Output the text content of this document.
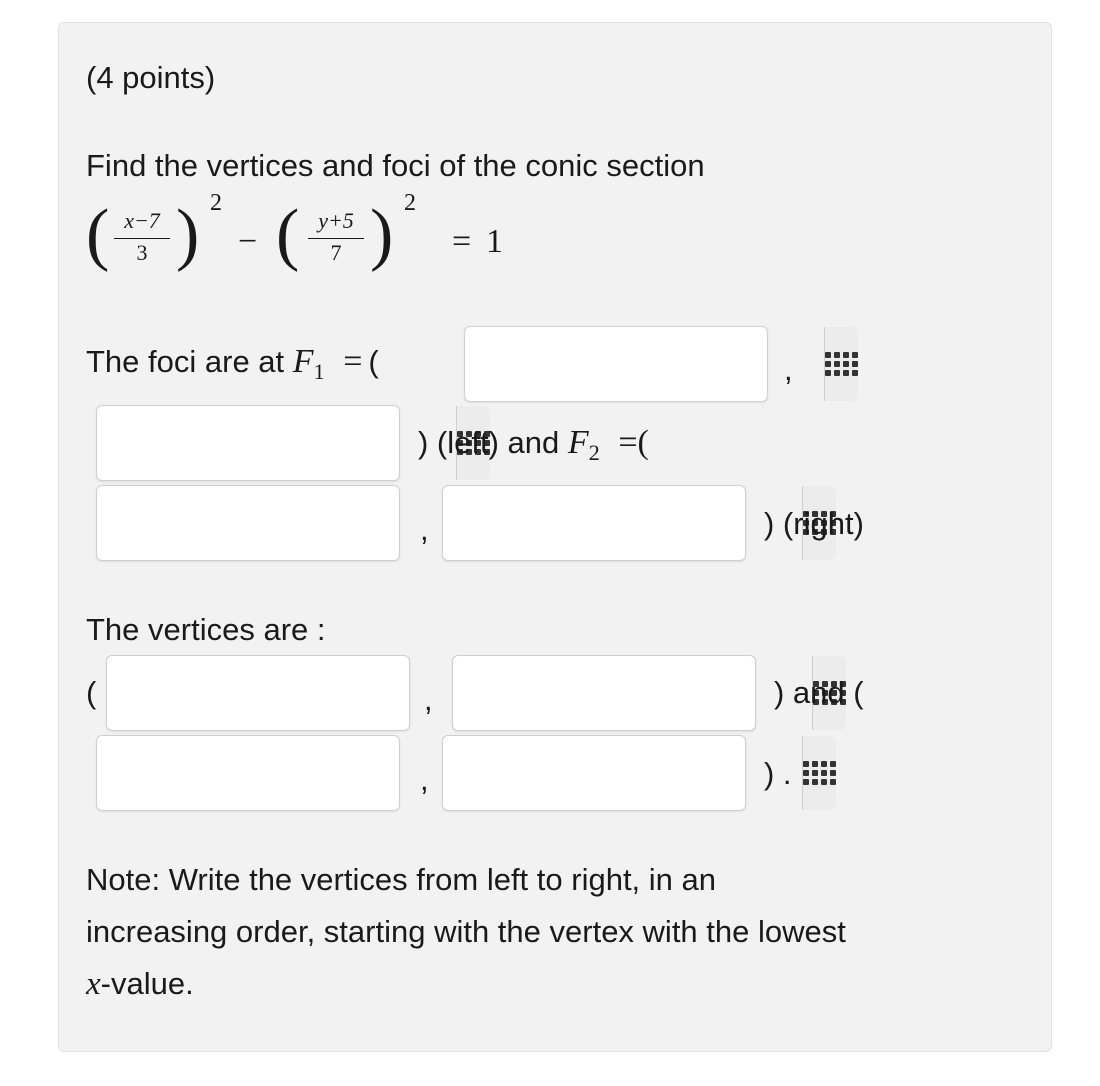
(4 points)
Find the vertices and foci of the conic section
( x−7
3 ) 2
− ( y+5
7 ) 2
= 1
The foci are at $F_1$ = (	,
) (left) and $F_2$ =(
,	) (right)
The vertices are :
(	,	) and (
,	) .
Note: Write the vertices from left to right, in an
increasing order, starting with the vertex with the lowest
x-value.
